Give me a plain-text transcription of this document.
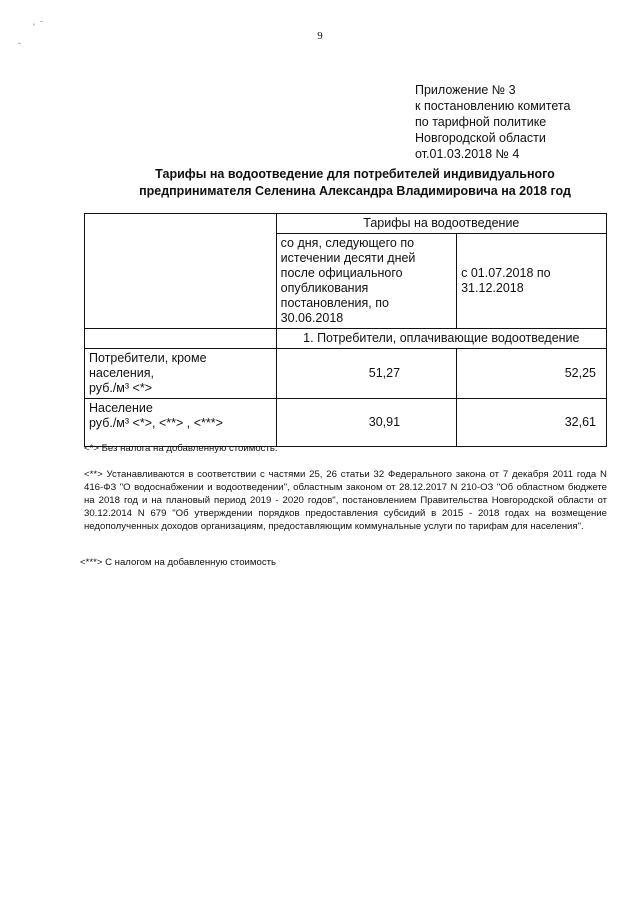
-
'
-
9
Приложение № 3
к постановлению комитета
по тарифной политике
Новгородской области
от.01.03.2018 № 4
Тарифы на водоотведение для потребителей индивидуального
предпринимателя Селенина Александра Владимировича на 2018 год
	Тарифы на водоотведение	
	со дня, следующего по истечении десяти дней после официального опубликования постановления, по 30.06.2018	с 01.07.2018 по 31.12.2018
	1. Потребители, оплачивающие водоотведение	

Потребители, кроме населения,
руб./м³ <*>	51,27	52,25

Население
руб./м³ <*>, <**> , <***>	30,91	32,61
<*> Без налога на добавленную стоимость.
<**> Устанавливаются в соответствии с частями 25, 26 статьи 32 Федерального закона от 7 декабря 2011 года N 416-ФЗ "О водоснабжении и водоотведении", областным законом от 28.12.2017 N 210-ОЗ "Об областном бюджете на 2018 год и на плановый период 2019 - 2020 годов", постановлением Правительства Новгородской области от 30.12.2014 N 679 "Об утверждении порядков предоставления субсидий в 2015 - 2018 годах на возмещение недополученных доходов организациям, предоставляющим коммунальные услуги по тарифам для населения".
<***> С налогом на добавленную стоимость
